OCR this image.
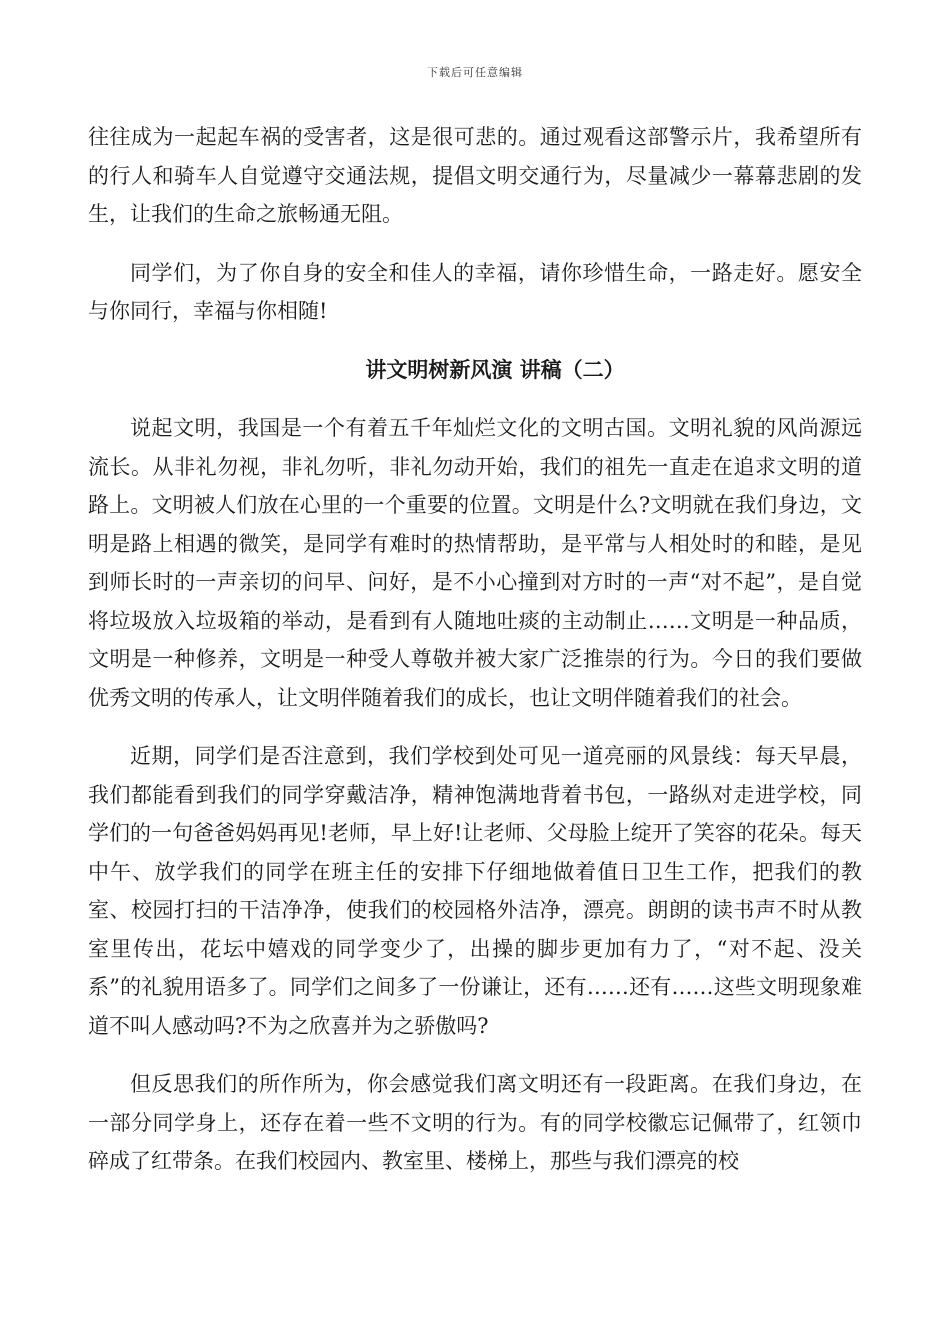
下载后可任意编辑

往往成为一起起车祸的受害者，这是很可悲的。通过观看这部警示片，我希望所有的行人和骑车人自觉遵守交通法规，提倡文明交通行为，尽量减少一幕幕悲剧的发生，让我们的生命之旅畅通无阻。

同学们，为了你自身的安全和佳人的幸福，请你珍惜生命，一路走好。愿安全与你同行，幸福与你相随!

讲文明树新风演 讲稿（二）

说起文明，我国是一个有着五千年灿烂文化的文明古国。文明礼貌的风尚源远流长。从非礼勿视，非礼勿听，非礼勿动开始，我们的祖先一直走在追求文明的道路上。文明被人们放在心里的一个重要的位置。文明是什么?文明就在我们身边，文明是路上相遇的微笑，是同学有难时的热情帮助，是平常与人相处时的和睦，是见到师长时的一声亲切的问早、问好，是不小心撞到对方时的一声“对不起”，是自觉将垃圾放入垃圾箱的举动，是看到有人随地吐痰的主动制止……文明是一种品质，文明是一种修养，文明是一种受人尊敬并被大家广泛推崇的行为。今日的我们要做优秀文明的传承人，让文明伴随着我们的成长，也让文明伴随着我们的社会。

近期，同学们是否注意到，我们学校到处可见一道亮丽的风景线：每天早晨，我们都能看到我们的同学穿戴洁净，精神饱满地背着书包，一路纵对走进学校，同学们的一句爸爸妈妈再见!老师，早上好!让老师、父母脸上绽开了笑容的花朵。每天中午、放学我们的同学在班主任的安排下仔细地做着值日卫生工作，把我们的教室、校园打扫的干洁净净，使我们的校园格外洁净，漂亮。朗朗的读书声不时从教室里传出，花坛中嬉戏的同学变少了，出操的脚步更加有力了，“对不起、没关系”的礼貌用语多了。同学们之间多了一份谦让，还有……还有……这些文明现象难道不叫人感动吗?不为之欣喜并为之骄傲吗?

但反思我们的所作所为，你会感觉我们离文明还有一段距离。在我们身边，在一部分同学身上，还存在着一些不文明的行为。有的同学校徽忘记佩带了，红领巾碎成了红带条。在我们校园内、教室里、楼梯上，那些与我们漂亮的校
